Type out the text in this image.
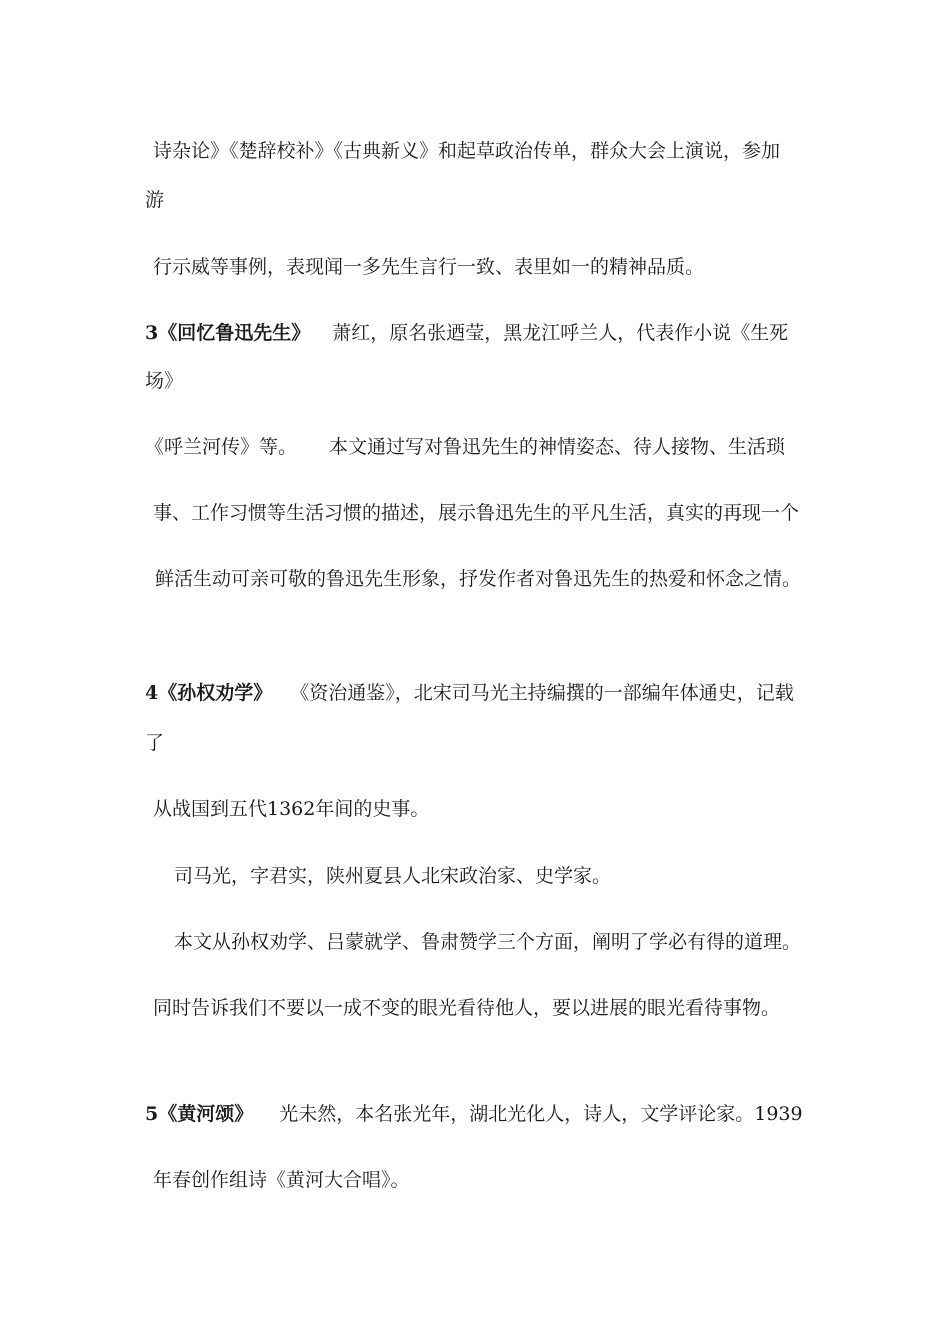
诗杂论》《楚辞校补》《古典新义》和起草政治传单，群众大会上演说，参加
游
行示威等事例，表现闻一多先生言行一致、表里如一的精神品质。
3《回忆鲁迅先生》 萧红，原名张迺莹，黑龙江呼兰人，代表作小说《生死
场》
《呼兰河传》等。 本文通过写对鲁迅先生的神情姿态、待人接物、生活琐
事、工作习惯等生活习惯的描述，展示鲁迅先生的平凡生活，真实的再现一个
鲜活生动可亲可敬的鲁迅先生形象，抒发作者对鲁迅先生的热爱和怀念之情。
4《孙权劝学》 《资治通鉴》，北宋司马光主持编撰的一部编年体通史，记载
了
从战国到五代1362年间的史事。
司马光，字君实，陕州夏县人北宋政治家、史学家。
本文从孙权劝学、吕蒙就学、鲁肃赞学三个方面，阐明了学必有得的道理。
同时告诉我们不要以一成不变的眼光看待他人，要以进展的眼光看待事物。
5《黄河颂》 光未然，本名张光年，湖北光化人，诗人，文学评论家。1939
年春创作组诗《黄河大合唱》。
